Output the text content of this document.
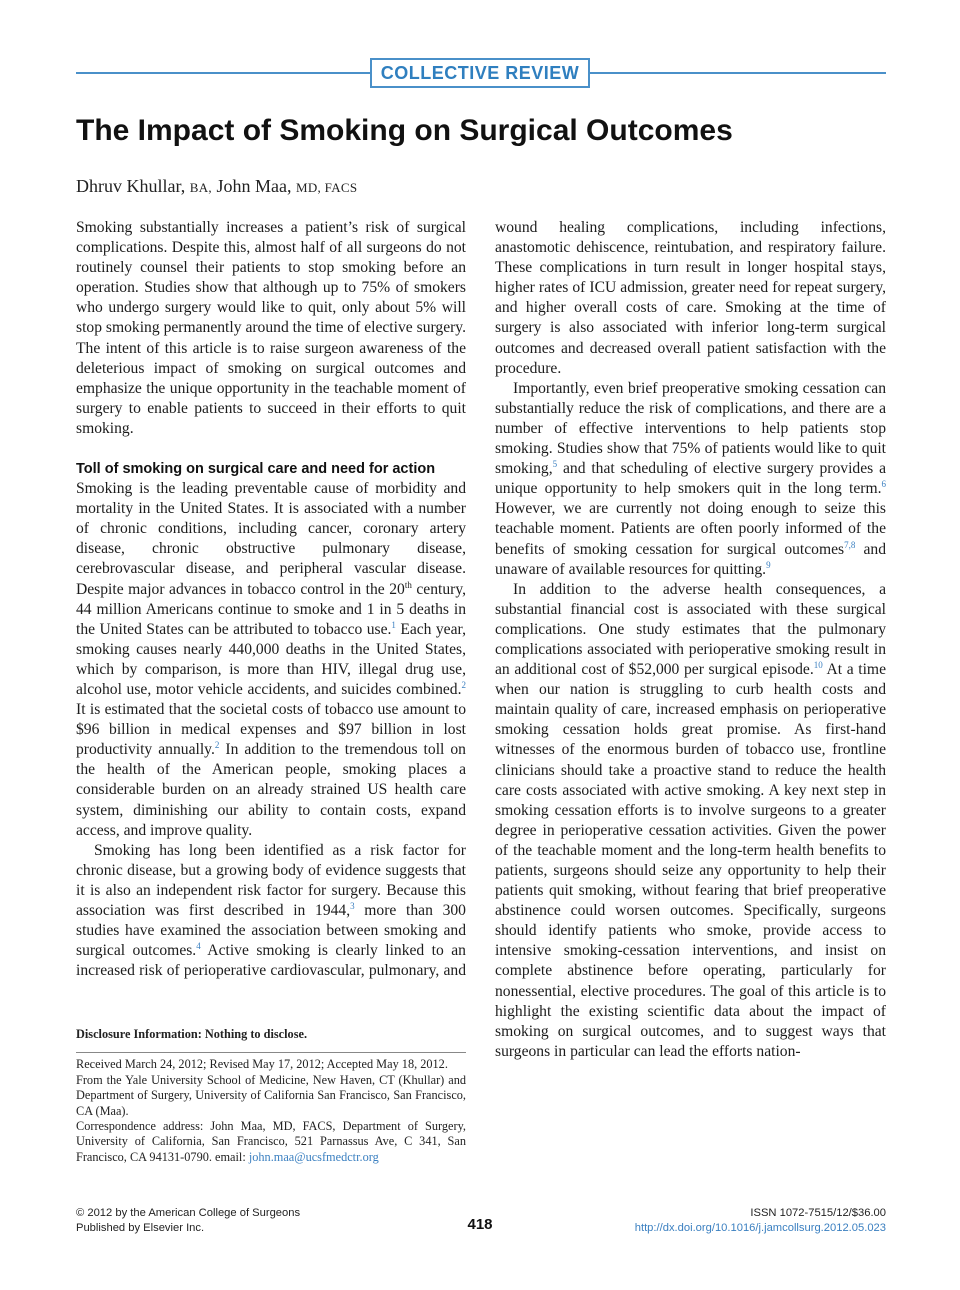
COLLECTIVE REVIEW
The Impact of Smoking on Surgical Outcomes
Dhruv Khullar, BA, John Maa, MD, FACS

Smoking substantially increases a patient’s risk of surgical complications. Despite this, almost half of all surgeons do not routinely counsel their patients to stop smoking before an operation. Studies show that although up to 75% of smokers who undergo surgery would like to quit, only about 5% will stop smoking permanently around the time of elective surgery. The intent of this article is to raise surgeon awareness of the deleterious impact of smoking on surgical outcomes and emphasize the unique opportunity in the teachable moment of surgery to enable patients to succeed in their efforts to quit smoking.

Toll of smoking on surgical care and need for action

Smoking is the leading preventable cause of morbidity and mortality in the United States. It is associated with a number of chronic conditions, including cancer, coronary artery disease, chronic obstructive pulmonary disease, cerebrovascular disease, and peripheral vascular disease. Despite major advances in tobacco control in the 20th century, 44 million Americans continue to smoke and 1 in 5 deaths in the United States can be attributed to tobacco use.$^1$ Each year, smoking causes nearly 440,000 deaths in the United States, which by comparison, is more than HIV, illegal drug use, alcohol use, motor vehicle accidents, and suicides combined.$^2$ It is estimated that the societal costs of tobacco use amount to $96 billion in medical expenses and $97 billion in lost productivity annually.$^2$ In addition to the tremendous toll on the health of the American people, smoking places a considerable burden on an already strained US health care system, diminishing our ability to contain costs, expand access, and improve quality.

Smoking has long been identified as a risk factor for chronic disease, but a growing body of evidence suggests that it is also an independent risk factor for surgery. Because this association was first described in 1944,$^3$ more than 300 studies have examined the association between smoking and surgical outcomes.$^4$ Active smoking is clearly linked to an increased risk of perioperative cardiovascular, pulmonary, and

wound healing complications, including infections, anastomotic dehiscence, reintubation, and respiratory failure. These complications in turn result in longer hospital stays, higher rates of ICU admission, greater need for repeat surgery, and higher overall costs of care. Smoking at the time of surgery is also associated with inferior long-term surgical outcomes and decreased overall patient satisfaction with the procedure.

Importantly, even brief preoperative smoking cessation can substantially reduce the risk of complications, and there are a number of effective interventions to help patients stop smoking. Studies show that 75% of patients would like to quit smoking,$^5$ and that scheduling of elective surgery provides a unique opportunity to help smokers quit in the long term.$^6$ However, we are currently not doing enough to seize this teachable moment. Patients are often poorly informed of the benefits of smoking cessation for surgical outcomes$^{7,8}$ and unaware of available resources for quitting.$^9$

In addition to the adverse health consequences, a substantial financial cost is associated with these surgical complications. One study estimates that the pulmonary complications associated with perioperative smoking result in an additional cost of $52,000 per surgical episode.$^{10}$ At a time when our nation is struggling to curb health costs and maintain quality of care, increased emphasis on perioperative smoking cessation holds great promise. As first-hand witnesses of the enormous burden of tobacco use, frontline clinicians should take a proactive stand to reduce the health care costs associated with active smoking. A key next step in smoking cessation efforts is to involve surgeons to a greater degree in perioperative cessation activities. Given the power of the teachable moment and the long-term health benefits to patients, surgeons should seize any opportunity to help their patients quit smoking, without fearing that brief preoperative abstinence could worsen outcomes. Specifically, surgeons should identify patients who smoke, provide access to intensive smoking-cessation interventions, and insist on complete abstinence before operating, particularly for nonessential, elective procedures. The goal of this article is to highlight the existing scientific data about the impact of smoking on surgical outcomes, and to suggest ways that surgeons in particular can lead the efforts nation-

Disclosure Information: Nothing to disclose.

Received March 24, 2012; Revised May 17, 2012; Accepted May 18, 2012.

From the Yale University School of Medicine, New Haven, CT (Khullar) and Department of Surgery, University of California San Francisco, San Francisco, CA (Maa).

Correspondence address: John Maa, MD, FACS, Department of Surgery, University of California, San Francisco, 521 Parnassus Ave, C 341, San Francisco, CA 94131-0790. email: john.maa@ucsfmedctr.org

© 2012 by the American College of Surgeons
Published by Elsevier Inc.	418
ISSN 1072-7515/12/$36.00
http://dx.doi.org/10.1016/j.jamcollsurg.2012.05.023
